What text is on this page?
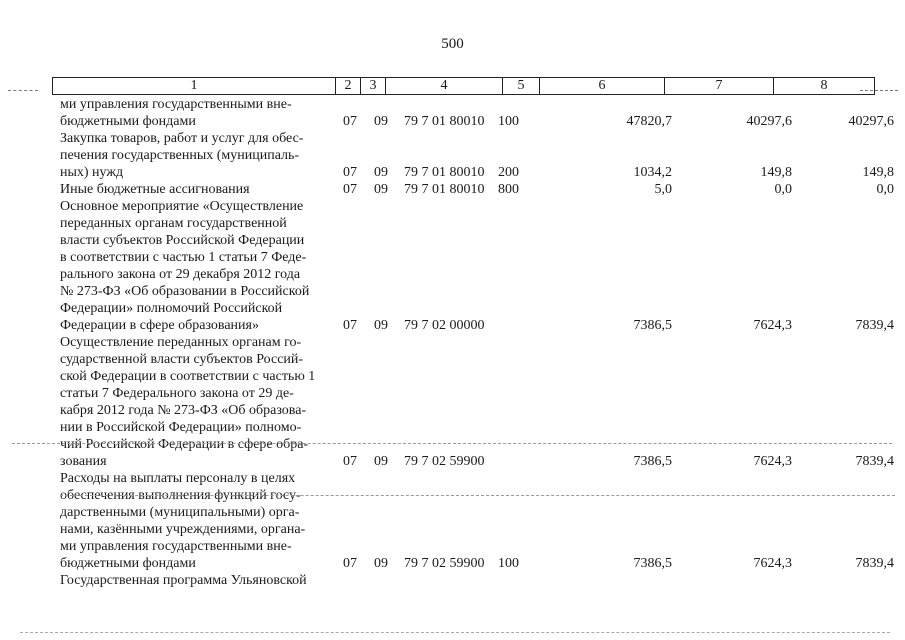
500
1	2	3	4	5	6	7	8
ми управления государственными вне-
бюджетными фондами	07	09	79 7 01 80010 100	47820,7	40297,6	40297,6
Закупка товаров, работ и услуг для обес-
печения государственных (муниципаль-
ных) нужд	07	09	79 7 01 80010 200	1034,2	149,8	149,8
Иные бюджетные ассигнования	07	09	79 7 01 80010 800	5,0	0,0	0,0
Основное мероприятие «Осуществление
переданных органам государственной
власти субъектов Российской Федерации
в соответствии с частью 1 статьи 7 Феде-
рального закона от 29 декабря 2012 года
№ 273-ФЗ «Об образовании в Российской
Федерации» полномочий Российской
Федерации в сфере образования»	07	09	79 7 02 00000	7386,5	7624,3	7839,4
Осуществление переданных органам го-
сударственной власти субъектов Россий-
ской Федерации в соответствии с частью 1
статьи 7 Федерального закона от 29 де-
кабря 2012 года № 273-ФЗ «Об образова-
нии в Российской Федерации» полномо-
чий Российской Федерации в сфере обра-
зования	07	09	79 7 02 59900	7386,5	7624,3	7839,4
Расходы на выплаты персоналу в целях
обеспечения выполнения функций госу-
дарственными (муниципальными) орга-
нами, казёнными учреждениями, органа-
ми управления государственными вне-
бюджетными фондами	07	09	79 7 02 59900 100	7386,5	7624,3	7839,4
Государственная программа Ульяновской
